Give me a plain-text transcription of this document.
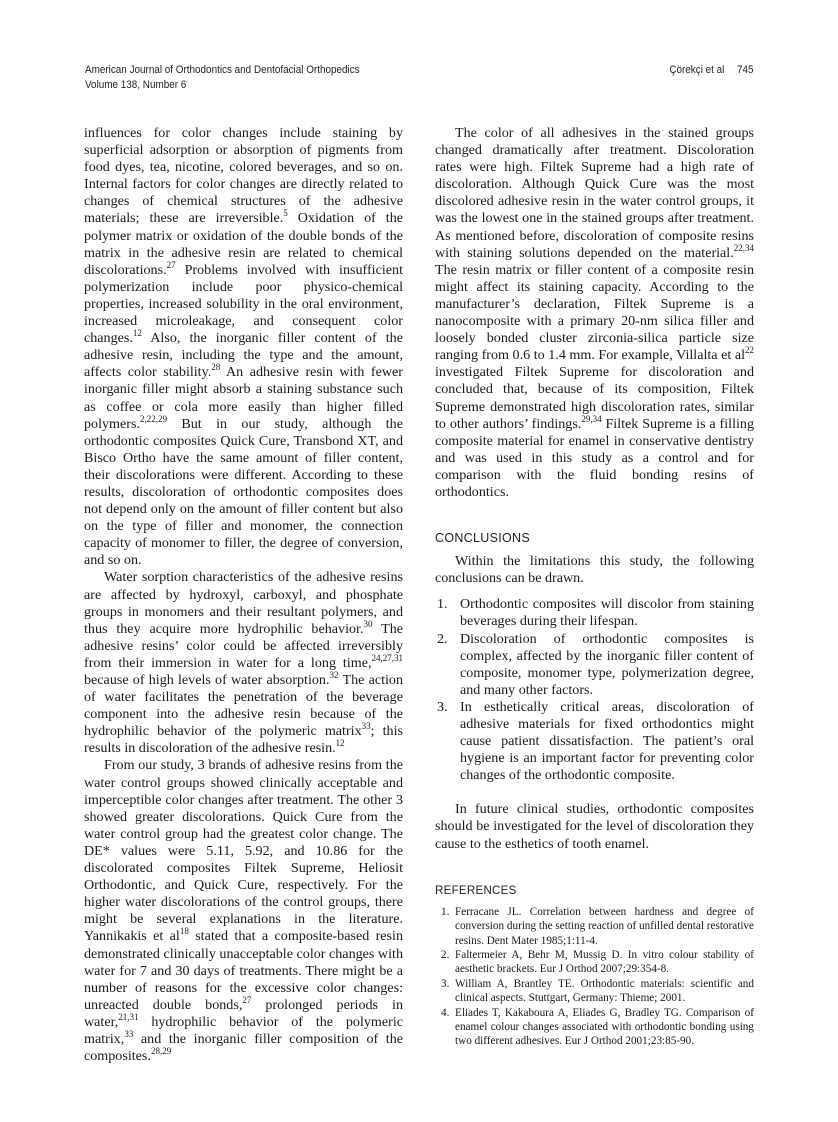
American Journal of Orthodontics and Dentofacial Orthopedics
Volume 138, Number 6
Çörekçi et al 745

influences for color changes include staining by superficial adsorption or absorption of pigments from food dyes, tea, nicotine, colored beverages, and so on. Internal factors for color changes are directly related to changes of chemical structures of the adhesive materials; these are irreversible.$^5$ Oxidation of the polymer matrix or oxidation of the double bonds of the matrix in the adhesive resin are related to chemical discolorations.$^{27}$ Problems involved with insufficient polymerization include poor physico-chemical properties, increased solubility in the oral environment, increased microleakage, and consequent color changes.$^{12}$ Also, the inorganic filler content of the adhesive resin, including the type and the amount, affects color stability.$^{28}$ An adhesive resin with fewer inorganic filler might absorb a staining substance such as coffee or cola more easily than higher filled polymers.$^{2,22,29}$ But in our study, although the orthodontic composites Quick Cure, Transbond XT, and Bisco Ortho have the same amount of filler content, their discolorations were different. According to these results, discoloration of orthodontic composites does not depend only on the amount of filler content but also on the type of filler and monomer, the connection capacity of monomer to filler, the degree of conversion, and so on.

Water sorption characteristics of the adhesive resins are affected by hydroxyl, carboxyl, and phosphate groups in monomers and their resultant polymers, and thus they acquire more hydrophilic behavior.$^{30}$ The adhesive resins’ color could be affected irreversibly from their immersion in water for a long time,$^{24,27,31}$ because of high levels of water absorption.$^{32}$ The action of water facilitates the penetration of the beverage component into the adhesive resin because of the hydrophilic behavior of the polymeric matrix$^{33}$; this results in discoloration of the adhesive resin.$^{12}$

From our study, 3 brands of adhesive resins from the water control groups showed clinically acceptable and imperceptible color changes after treatment. The other 3 showed greater discolorations. Quick Cure from the water control group had the greatest color change. The DE* values were 5.11, 5.92, and 10.86 for the discolorated composites Filtek Supreme, Heliosit Orthodontic, and Quick Cure, respectively. For the higher water discolorations of the control groups, there might be several explanations in the literature. Yannikakis et $al^{18}$ stated that a composite-based resin demonstrated clinically unacceptable color changes with water for 7 and 30 days of treatments. There might be a number of reasons for the excessive color changes: unreacted double bonds,$^{27}$ prolonged periods in water,$^{21,31}$ hydrophilic behavior of the polymeric matrix,$^{33}$ and the inorganic filler composition of the composites.$^{28,29}$

The color of all adhesives in the stained groups changed dramatically after treatment. Discoloration rates were high. Filtek Supreme had a high rate of discoloration. Although Quick Cure was the most discolored adhesive resin in the water control groups, it was the lowest one in the stained groups after treatment. As mentioned before, discoloration of composite resins with staining solutions depended on the material.$^{22,34}$ The resin matrix or filler content of a composite resin might affect its staining capacity. According to the manufacturer’s declaration, Filtek Supreme is a nanocomposite with a primary 20-nm silica filler and loosely bonded cluster zirconia-silica particle size ranging from 0.6 to 1.4 mm. For example, Villalta et $al^{22}$ investigated Filtek Supreme for discoloration and concluded that, because of its composition, Filtek Supreme demonstrated high discoloration rates, similar to other authors’ findings.$^{29,34}$ Filtek Supreme is a filling composite material for enamel in conservative dentistry and was used in this study as a control and for comparison with the fluid bonding resins of orthodontics.

CONCLUSIONS

Within the limitations this study, the following conclusions can be drawn.

1. Orthodontic composites will discolor from staining beverages during their lifespan.
2. Discoloration of orthodontic composites is complex, affected by the inorganic filler content of composite, monomer type, polymerization degree, and many other factors.
3. In esthetically critical areas, discoloration of adhesive materials for fixed orthodontics might cause patient dissatisfaction. The patient’s oral hygiene is an important factor for preventing color changes of the orthodontic composite.

In future clinical studies, orthodontic composites should be investigated for the level of discoloration they cause to the esthetics of tooth enamel.

REFERENCES
1. Ferracane JL. Correlation between hardness and degree of conversion during the setting reaction of unfilled dental restorative resins. Dent Mater 1985;1:11-4.
2. Faltermeier A, Behr M, Mussig D. In vitro colour stability of aesthetic brackets. Eur J Orthod 2007;29:354-8.
3. William A, Brantley TE. Orthodontic materials: scientific and clinical aspects. Stuttgart, Germany: Thieme; 2001.
4. Eliades T, Kakaboura A, Eliades G, Bradley TG. Comparison of enamel colour changes associated with orthodontic bonding using two different adhesives. Eur J Orthod 2001;23:85-90.
